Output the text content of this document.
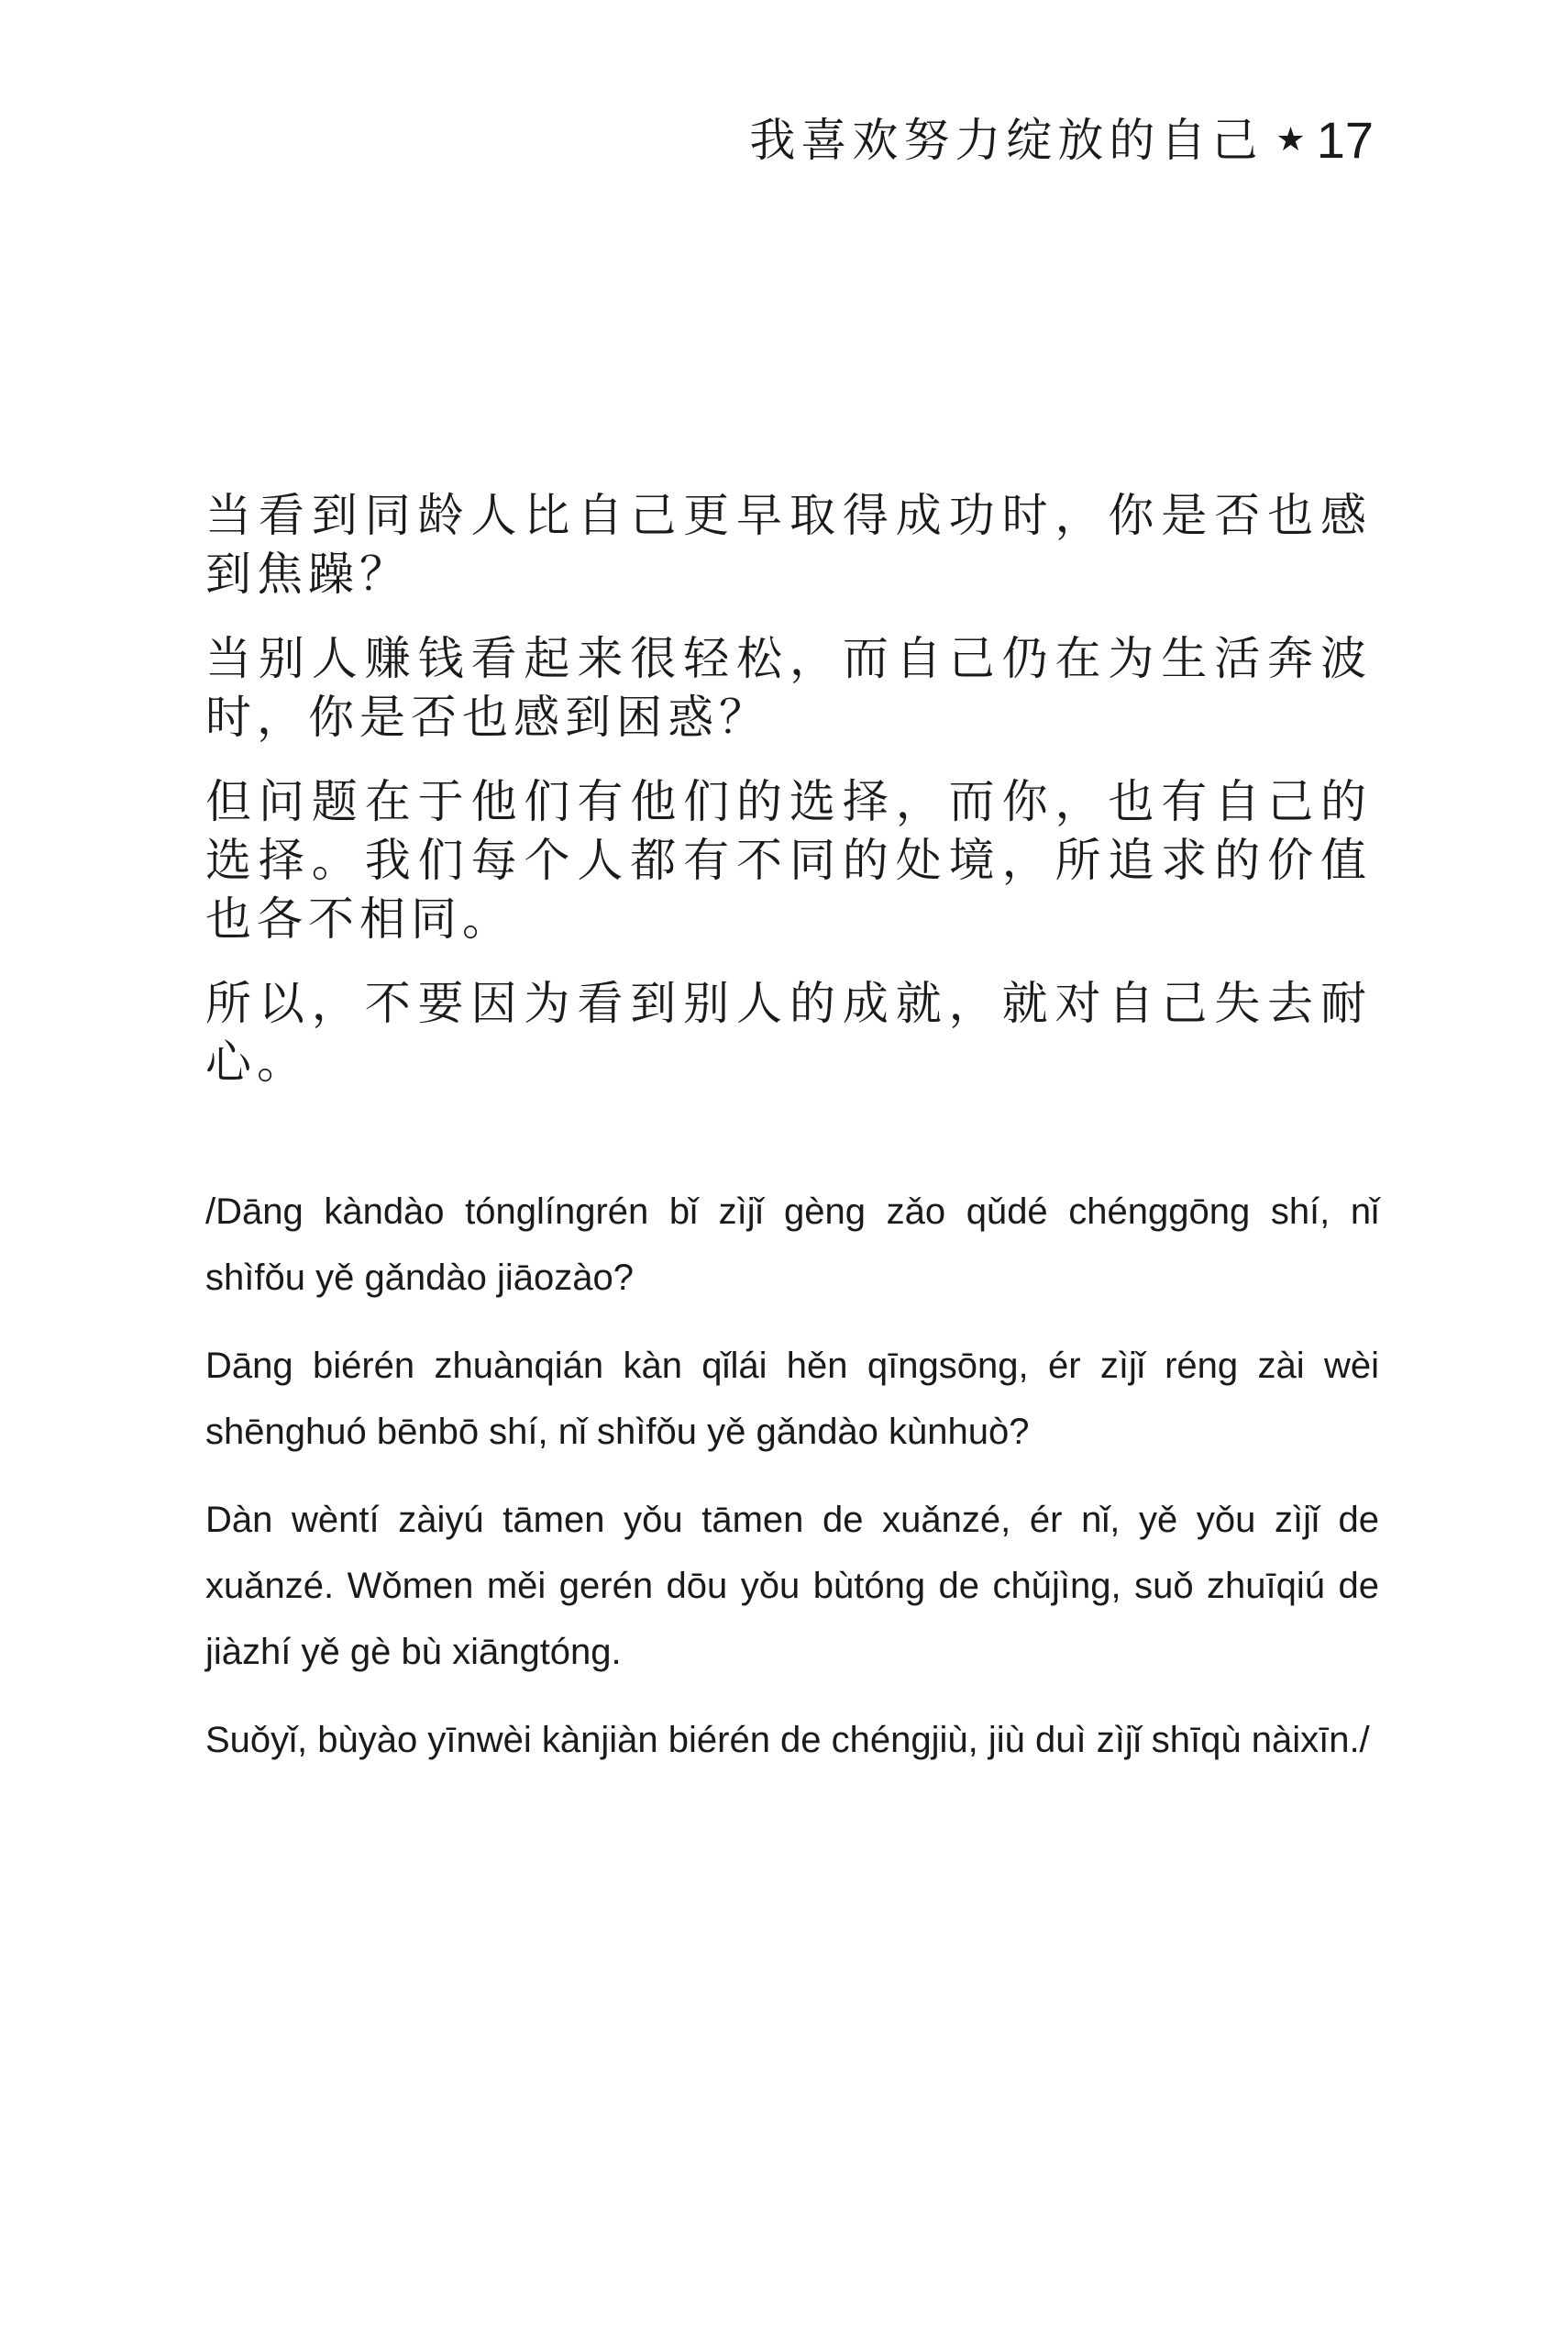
我喜欢努力绽放的自己 ★ 17

当看到同龄人比自己更早取得成功时，你是否也感到焦躁？

当别人赚钱看起来很轻松，而自己仍在为生活奔波时，你是否也感到困惑？

但问题在于他们有他们的选择，而你，也有自己的选择。我们每个人都有不同的处境，所追求的价值也各不相同。

所以，不要因为看到别人的成就，就对自己失去耐心。

/Dāng kàndào tónglíngrén bǐ zìjǐ gèng zǎo qǔdé chénggōng shí, nǐ shìfǒu yě gǎndào jiāozào?

Dāng biérén zhuànqián kàn qǐlái hěn qīngsōng, ér zìjǐ réng zài wèi shēnghuó bēnbō shí, nǐ shìfǒu yě gǎndào kùnhuò?

Dàn wèntí zàiyú tāmen yǒu tāmen de xuǎnzé, ér nǐ, yě yǒu zìjǐ de xuǎnzé. Wǒmen měi gerén dōu yǒu bùtóng de chǔjìng, suǒ zhuīqiú de jiàzhí yě gè bù xiāngtóng.

Suǒyǐ, bùyào yīnwèi kànjiàn biérén de chéngjiù, jiù duì zìjǐ shīqù nàixīn./
